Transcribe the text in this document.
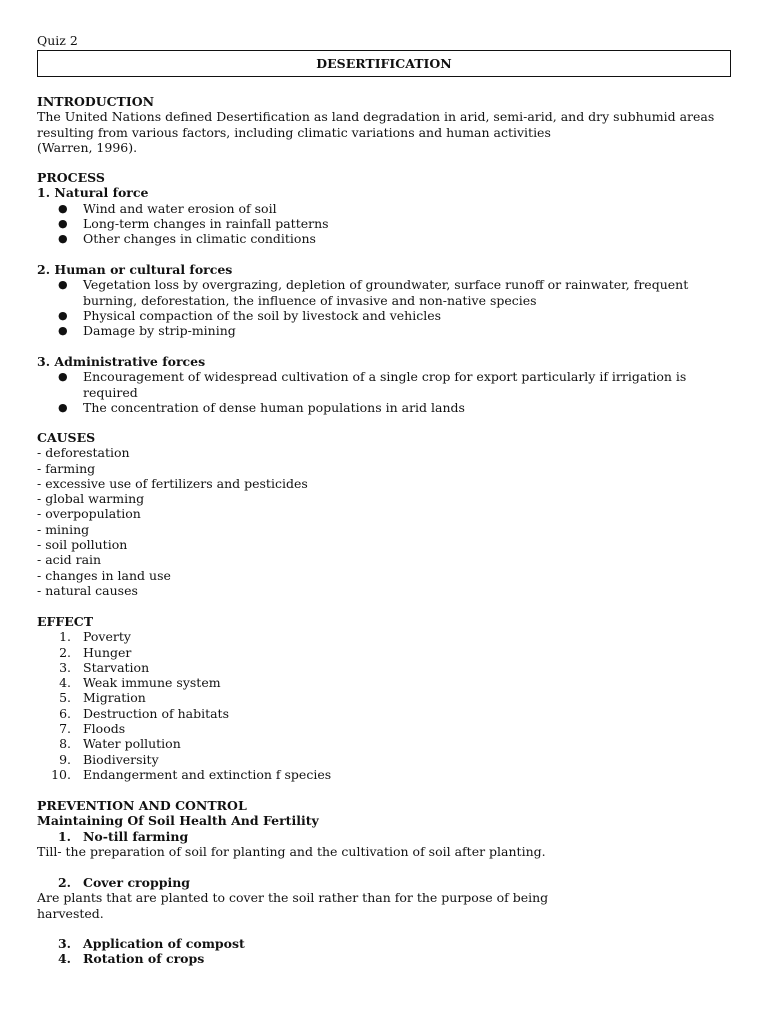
Quiz 2
DESERTIFICATION
INTRODUCTION
The United Nations defined Desertification as land degradation in arid, semi-arid, and dry subhumid areas
resulting from various factors, including climatic variations and human activities
(Warren, 1996).
PROCESS
1. Natural force
● Wind and water erosion of soil
● Long-term changes in rainfall patterns
● Other changes in climatic conditions
2. Human or cultural forces
● Vegetation loss by overgrazing, depletion of groundwater, surface runoff or rainwater, frequent burning, deforestation, the influence of invasive and non-native species
● Physical compaction of the soil by livestock and vehicles
● Damage by strip-mining
3. Administrative forces
● Encouragement of widespread cultivation of a single crop for export particularly if irrigation is required
● The concentration of dense human populations in arid lands
CAUSES
- deforestation
- farming
- excessive use of fertilizers and pesticides
- global warming
- overpopulation
- mining
- soil pollution
- acid rain
- changes in land use
- natural causes
EFFECT
1. Poverty
2. Hunger
3. Starvation
4. Weak immune system
5. Migration
6. Destruction of habitats
7. Floods
8. Water pollution
9. Biodiversity
10. Endangerment and extinction f species
PREVENTION AND CONTROL
Maintaining Of Soil Health And Fertility
1. No-till farming
Till- the preparation of soil for planting and the cultivation of soil after planting.
2. Cover cropping
Are plants that are planted to cover the soil rather than for the purpose of being
harvested.
3. Application of compost
4. Rotation of crops
